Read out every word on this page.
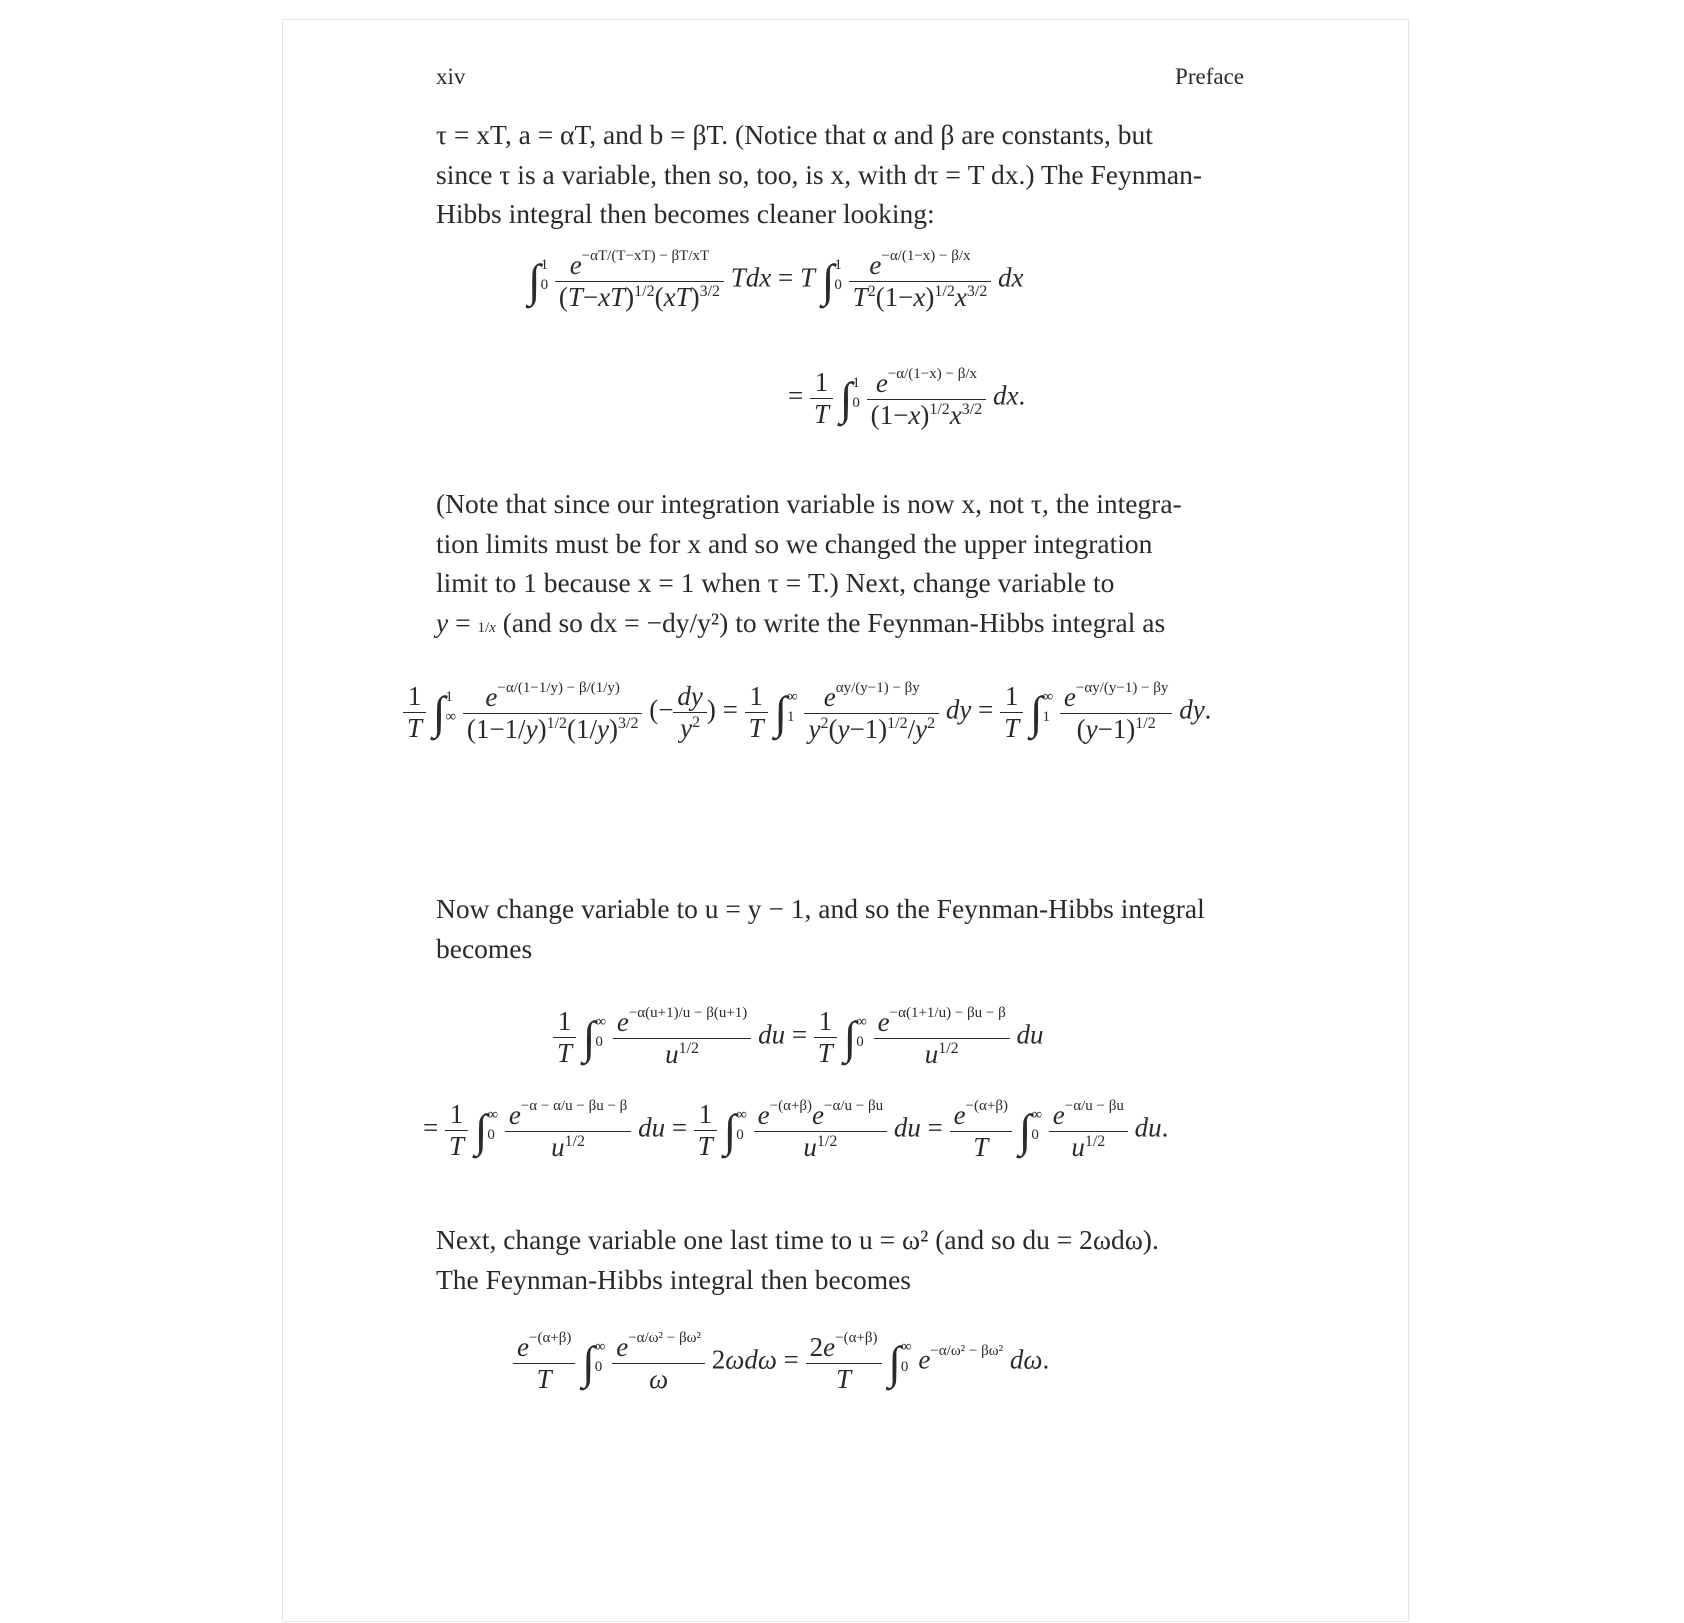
xiv	Preface
τ = xT, a = αT, and b = βT. (Notice that α and β are constants, but
since τ is a variable, then so, too, is x, with dτ = T dx.) The Feynman-
Hibbs integral then becomes cleaner looking:
∫1
$0 \frac{e-\alpha T/(T-xT) - \beta T/xT}{(T-xT)^{1/2}(xT)^{3/2}}$ Tdx = T ∫1
$0 \frac{e-\alpha/(1-x) - \beta/x}{T^2(1-x)^{1/2}x^{3/2}}$ dx
= $\frac{1}{T} \int 1$
$0 \frac{e-\alpha/(1-x) - \beta/x}{(1-x)^{1/2}x^{3/2}}$ dx.
(Note that since our integration variable is now x, not τ, the integra-
tion limits must be for x and so we changed the upper integration
limit to 1 because x = 1 when τ = T.) Next, change variable to
y = 1/x (and so dx = −dy/y²) to write the Feynman-Hibbs integral as
$\frac{1}{T} \int 1$
∞ $\frac{e-\alpha/(1-1/y) - \beta/(1/y)}{(1-1/y)^{1/2}(1/y)^{3/2}}$ (− $\frac{dy}{y^2}$ ) = $\frac{1}{T}$ ∫∞
$1 \frac{\text{eαy/(y−1) − βy}}{y^2(y-1)^{1/2}/y^2}$ dy = $\frac{1}{T}$ ∫∞
$1 \frac{e-\alpha y/(y-1) - \beta y}{(y-1)^{1/2}}$ dy.
Now change variable to u = y − 1, and so the Feynman-Hibbs integral
becomes
$\frac{1}{T}$ ∫∞
$0 \frac{e-\alpha(u+1)/u - \beta(u+1)}{u^{1/2}}$ du = $\frac{1}{T}$ ∫∞
$0 \frac{e-\alpha(1+1/u) - \beta u - \beta}{u^{1/2}}$ du
= $\frac{1}{T}$ ∫∞
$0 \frac{e-\alpha - \alpha/u - \beta u - \beta}{u^{1/2}}$ du = $\frac{1}{T}$ ∫∞
$0 \frac{e-(\alpha+\beta)e-\alpha/u - \beta u}{u^{1/2}}$ du = $\frac{e-(\alpha+\beta)}{T}$ ∫∞
$0 \frac{e-\alpha/u - \beta u}{u^{1/2}}$ du.
Next, change variable one last time to u = ω² (and so du = 2ωdω).
The Feynman-Hibbs integral then becomes
$\frac{e-(\alpha+\beta)}{T}$ ∫∞
$0 \frac{\text{e−α/ω² − βω²}}{\omega} 2\omega d\omega = \frac{2e-(\alpha+\beta)}{T}$ ∫∞
0 e−α/ω² − βω² dω.
